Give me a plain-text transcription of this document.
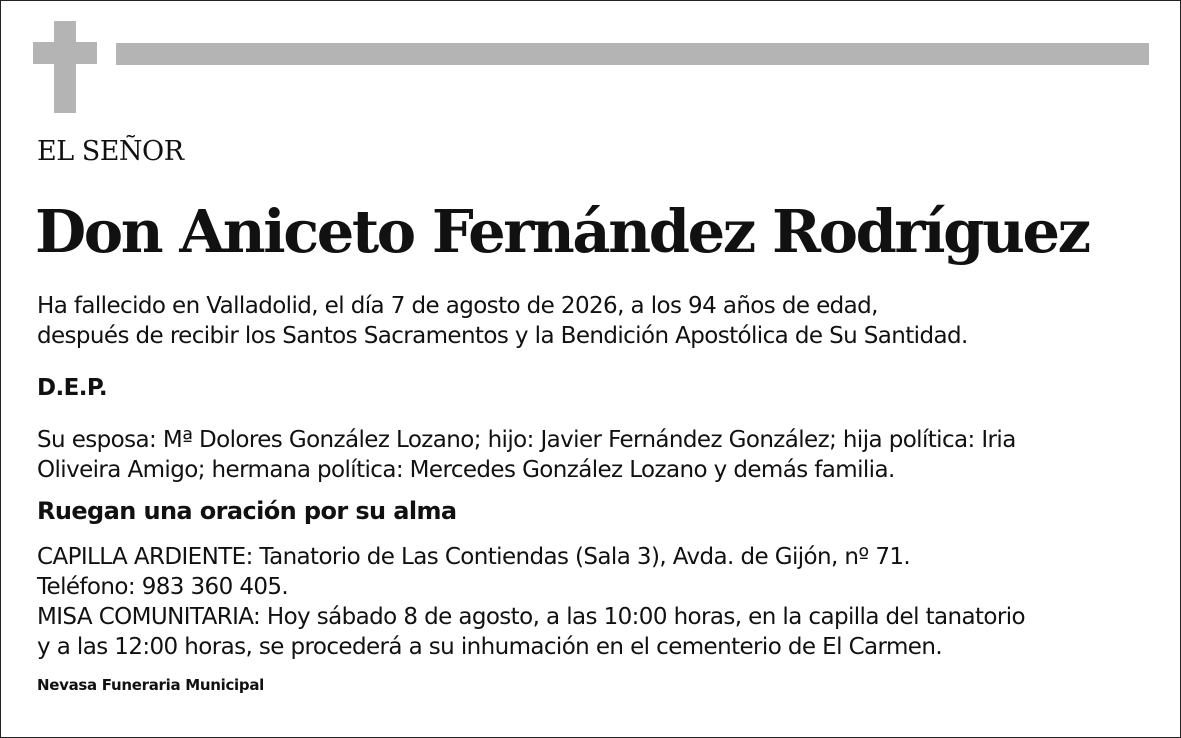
EL SEÑOR
Don Aniceto Fernández Rodríguez
Ha fallecido en Valladolid, el día 7 de agosto de 2026, a los 94 años de edad,
después de recibir los Santos Sacramentos y la Bendición Apostólica de Su Santidad.
D.E.P.
Su esposa: Mª Dolores González Lozano; hijo: Javier Fernández González; hija política: Iria
Oliveira Amigo; hermana política: Mercedes González Lozano y demás familia.
Ruegan una oración por su alma
CAPILLA ARDIENTE: Tanatorio de Las Contiendas (Sala 3), Avda. de Gijón, nº 71.
Teléfono: 983 360 405.
MISA COMUNITARIA: Hoy sábado 8 de agosto, a las 10:00 horas, en la capilla del tanatorio
y a las 12:00 horas, se procederá a su inhumación en el cementerio de El Carmen.
Nevasa Funeraria Municipal
